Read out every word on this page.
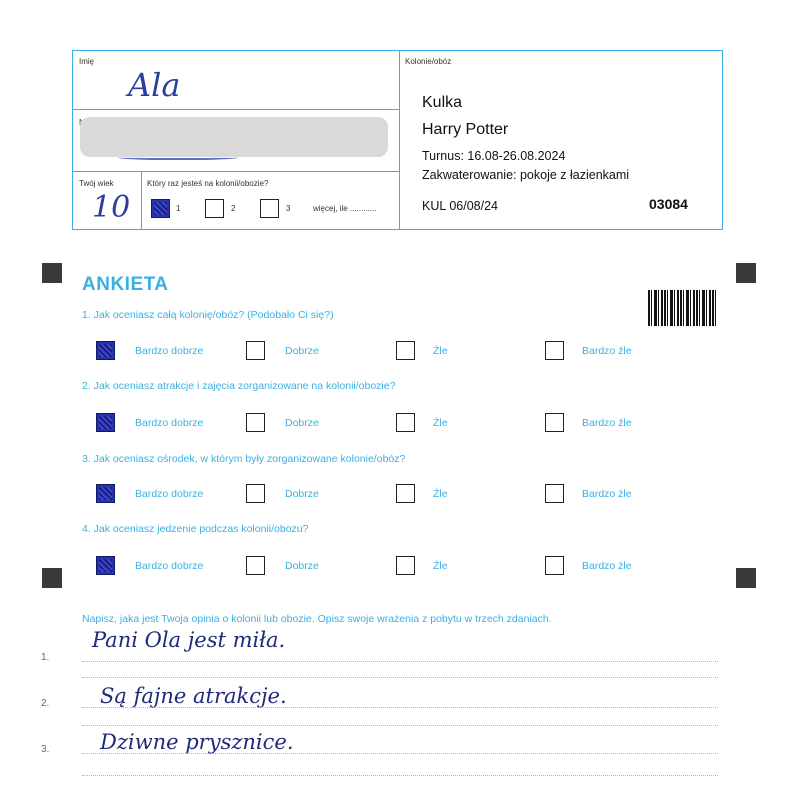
Imię
Ala
Twój wiek
10
Który raz jesteś na kolonii/obozie?
1	2	3	więcej, ile ............
Kolonie/obóz
Kulka
Harry Potter
Turnus: 16.08-26.08.2024
Zakwaterowanie: pokoje z łazienkami
KUL 06/08/24	03084
ANKIETA
1. Jak oceniasz całą kolonię/obóz? (Podobało Ci się?)
Bardzo dobrze	Dobrze	Źle	Bardzo źle
2. Jak oceniasz atrakcje i zajęcia zorganizowane na kolonii/obozie?
Bardzo dobrze	Dobrze	Źle	Bardzo źle
3. Jak oceniasz ośrodek, w którym były zorganizowane kolonie/obóz?
Bardzo dobrze	Dobrze	Źle	Bardzo źle
4. Jak oceniasz jedzenie podczas kolonii/obozu?
Bardzo dobrze	Dobrze	Źle	Bardzo źle
Napisz, jaka jest Twoja opinia o kolonii lub obozie. Opisz swoje wrażenia z pobytu w trzech zdaniach.
1.
Pani Ola jest miła.
2. Są fajne atrakcje.
3. Dziwne prysznice.
